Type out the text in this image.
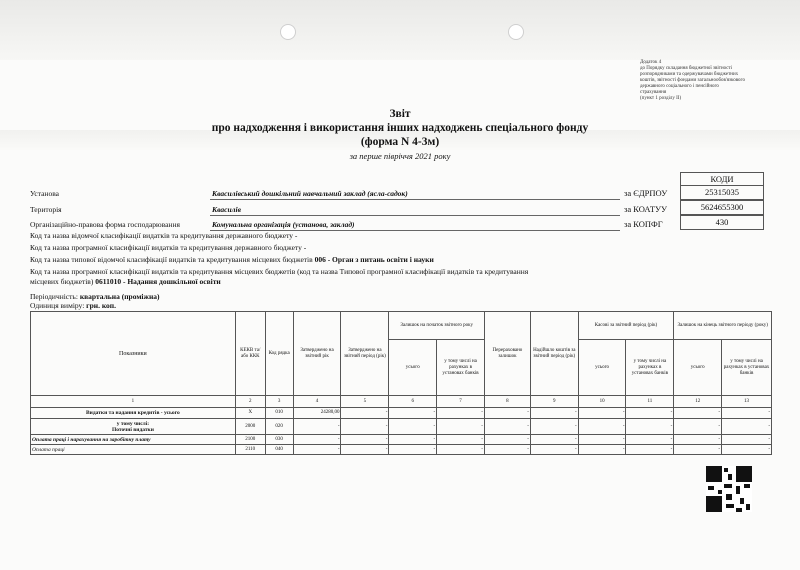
Додаток 4
до Порядку складання бюджетної звітності
розпорядниками та одержувачами бюджетних
коштів, звітності фондами загальнообов'язкового
державного соціального і пенсійного
страхування
(пункт 1 розділу ІІ)
Звіт
про надходження і використання інших надходжень спеціального фонду
(форма N 4-3м)
за перше півріччя 2021 року
КОДИ
за ЄДРПОУ	25315035
за КОАТУУ	5624655300
за КОПФГ	430
Установа	Квасилівський дошкільний навчальний заклад (ясла-садок)
Територія	Квасилів
Організаційно-правова форма господарювання	Комунальна організація (установа, заклад)
Код та назва відомчої класифікації видатків та кредитування державного бюджету -
Код та назва програмної класифікації видатків та кредитування державного бюджету -
Код та назва типової відомчої класифікації видатків та кредитування місцевих бюджетів 006 - Орган з питань освіти і науки
Код та назва програмної класифікації видатків та кредитування місцевих бюджетів (код та назва Типової програмної класифікації видатків та кредитування
місцевих бюджетів) 0611010 - Надання дошкільної освіти
Періодичність: квартальна (проміжна)
Одиниця виміру: грн. коп.
Показники	КЕКВ та/або ККК	Код рядка	Затверджено на звітний рік	Затверджено на звітний період (рік)	Залишок на початок звітного року		Перераховано залишок	Надійшло коштів за звітний період (рік)	Касові за звітний період (рік)		Залишок на кінець звітного періоду (року)	
					усього	у тому числі на рахунках в установах банків			усього	у тому числі на рахунках в установах банків	усього	у тому числі на рахунках в установах банків
1	2	3	4	5	6	7	8	9	10	11	12	13
Видатки та надання кредитів - усього	X	010	24280,00	-	-	-	-	-	-	-	-	-
у тому числі:
Поточні видатки	2000	020	-	-	-	-	-	-	-	-	-	-
Оплата праці і нарахування на заробітну плату	2100	030	-	-	-	-	-	-	-	-	-	-
Оплата праці	2110	040	-	-	-	-	-	-	-	-	-	-
